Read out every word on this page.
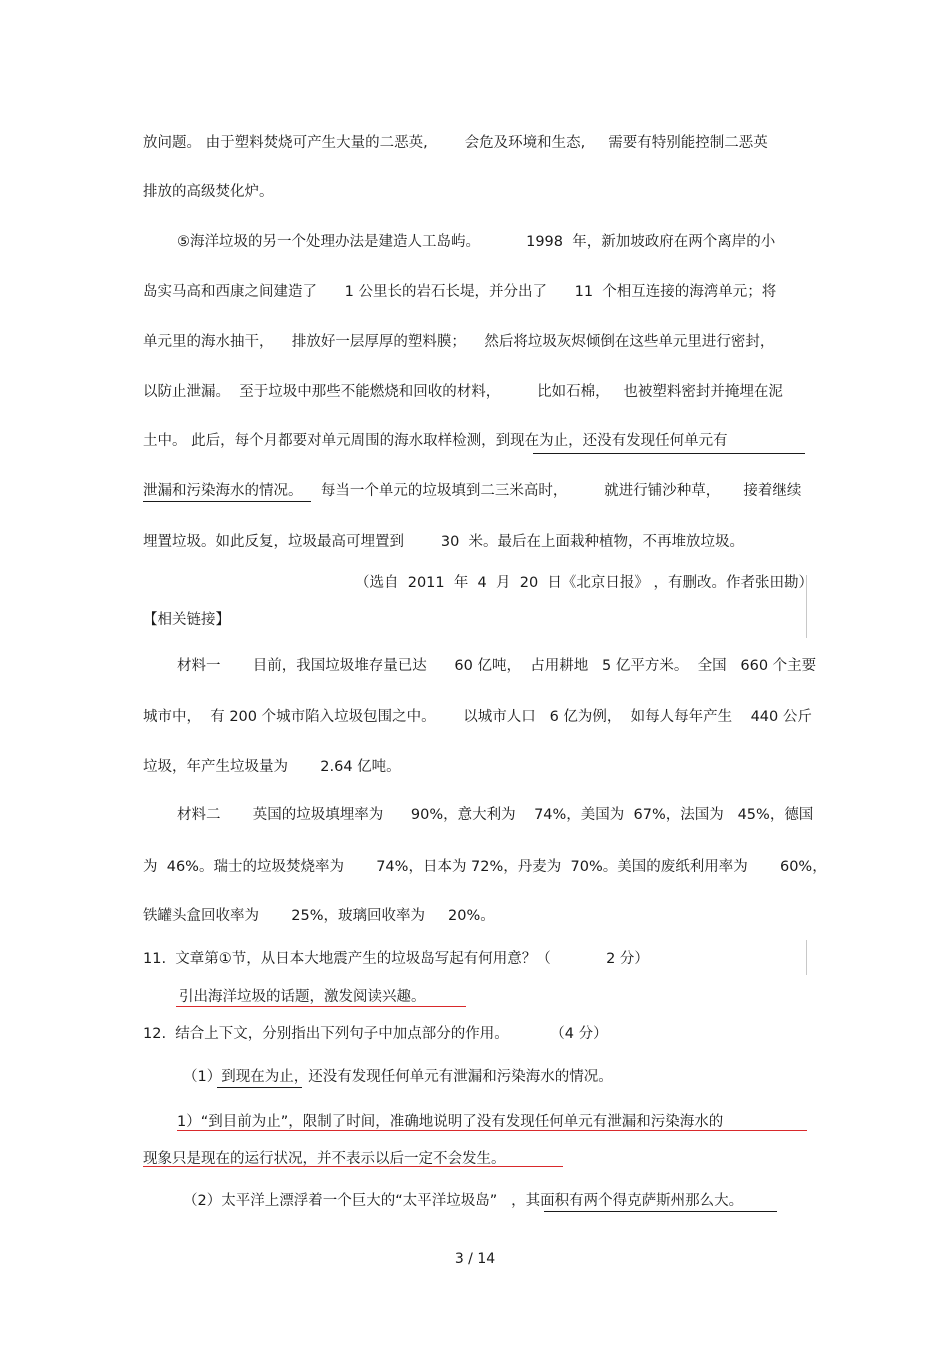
放问题。 由于塑料焚烧可产生大量的二恶英,        会危及环境和生态,     需要有特别能控制二恶英
排放的高级焚化炉。
⑤海洋垃圾的另一个处理办法是建造人工岛屿。          1998  年，新加坡政府在两个离岸的小
岛实马高和西康之间建造了      1 公里长的岩石长堤，并分出了      11  个相互连接的海湾单元；将
单元里的海水抽干，    排放好一层厚厚的塑料膜；    然后将垃圾灰烬倾倒在这些单元里进行密封，
以防止泄漏。  至于垃圾中那些不能燃烧和回收的材料，        比如石棉，   也被塑料密封并掩埋在泥
土中。 此后，每个月都要对单元周围的海水取样检测，到现在为止，还没有发现任何单元有
泄漏和污染海水的情况。    每当一个单元的垃圾填到二三米高时，        就进行铺沙种草，     接着继续
埋置垃圾。如此反复，垃圾最高可埋置到        30  米。最后在上面栽种植物，不再堆放垃圾。
（选自  2011  年  4  月  20  日《北京日报》 ，有删改。作者张田勘）
【相关链接】
材料一       目前，我国垃圾堆存量已达      60 亿吨，  占用耕地   5 亿平方米。  全国   660 个主要
城市中，  有 200 个城市陷入垃圾包围之中。      以城市人口   6 亿为例，  如每人每年产生    440 公斤
垃圾，年产生垃圾量为       2.64 亿吨。
材料二       英国的垃圾填埋率为      90%，意大利为    74%，美国为  67%，法国为   45%，德国
为  46%。瑞士的垃圾焚烧率为       74%，日本为 72%，丹麦为  70%。美国的废纸利用率为       60%，
铁罐头盒回收率为       25%，玻璃回收率为     20%。
11.  文章第①节，从日本大地震产生的垃圾岛写起有何用意？（            2 分）
引出海洋垃圾的话题，激发阅读兴趣。
12.  结合上下文，分别指出下列句子中加点部分的作用。         （4 分）
（1）到现在为止，还没有发现任何单元有泄漏和污染海水的情况。
1）“到目前为止”，限制了时间，准确地说明了没有发现任何单元有泄漏和污染海水的
现象只是现在的运行状况，并不表示以后一定不会发生。
（2）太平洋上漂浮着一个巨大的“太平洋垃圾岛”   ，其面积有两个得克萨斯州那么大。
3 / 14
